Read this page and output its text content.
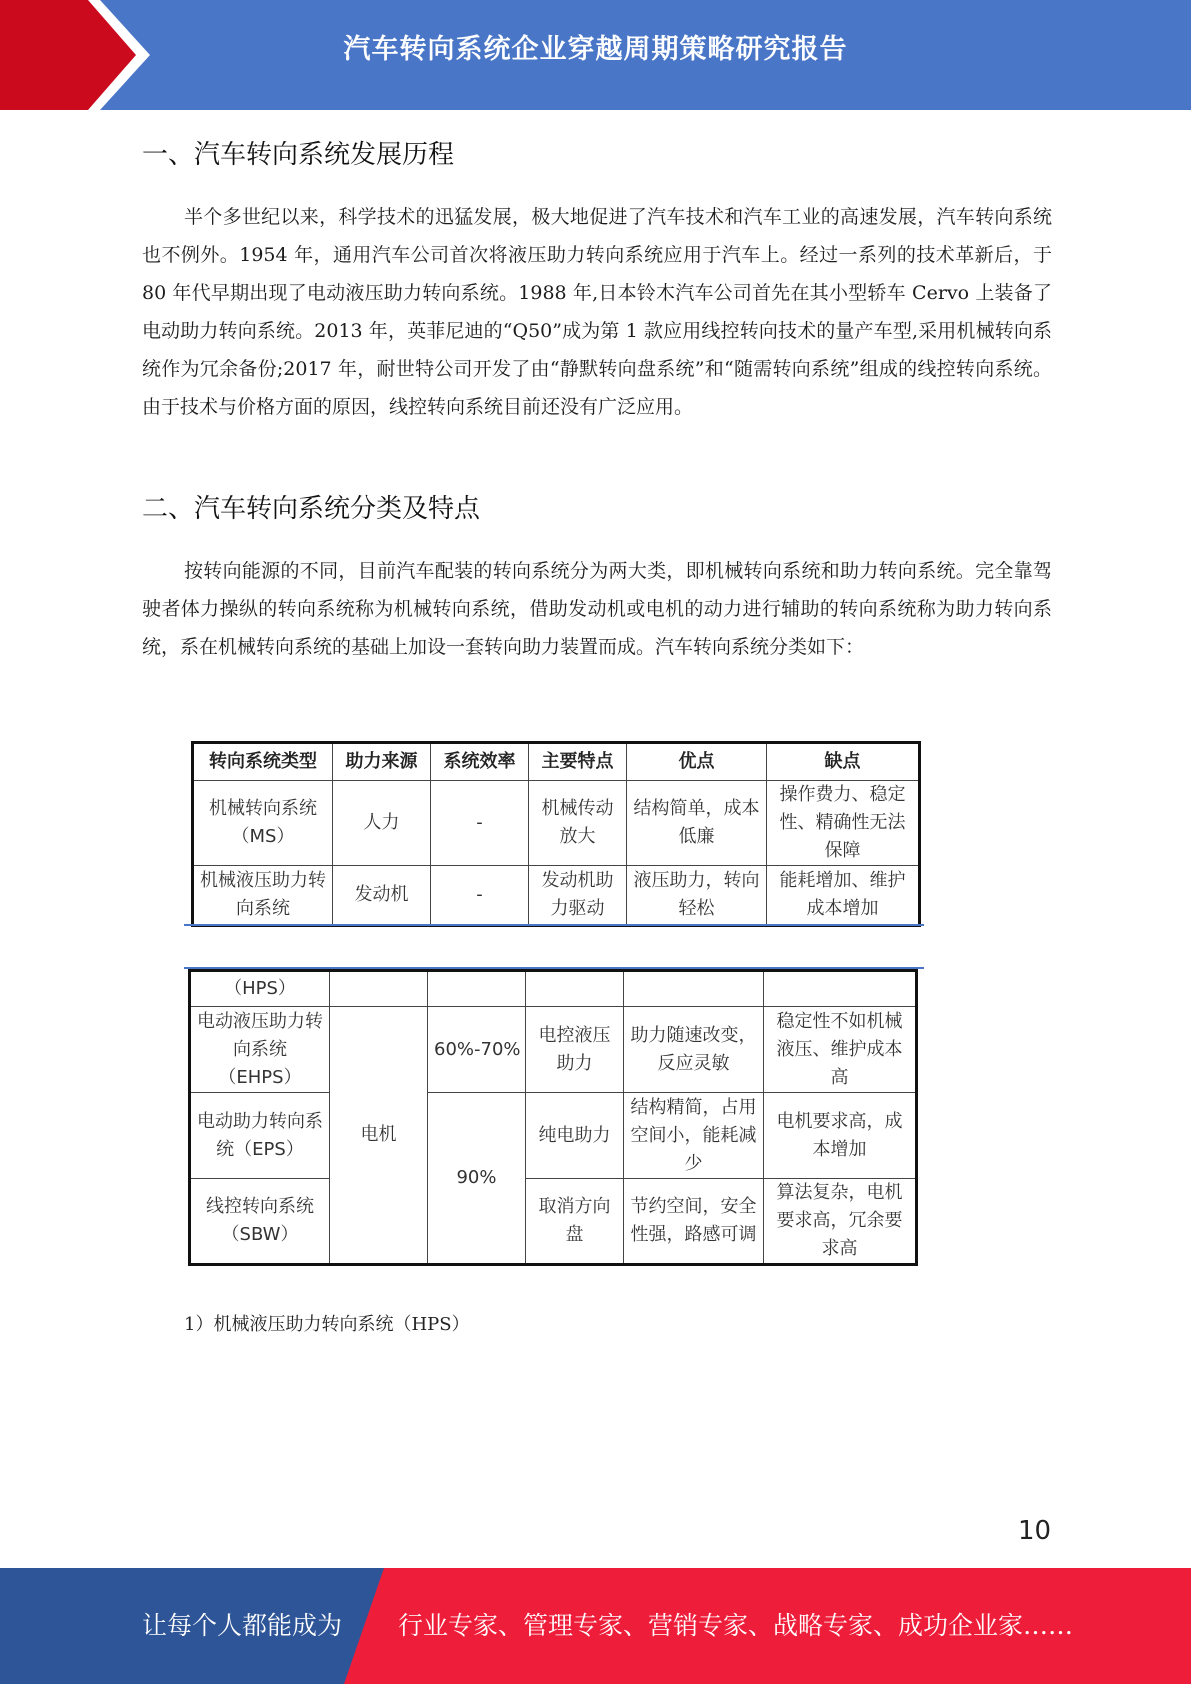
汽车转向系统企业穿越周期策略研究报告
一、汽车转向系统发展历程

半个多世纪以来，科学技术的迅猛发展，极大地促进了汽车技术和汽车工业的高速发展，汽车转向系统也不例外。1954 年，通用汽车公司首次将液压助力转向系统应用于汽车上。经过一系列的技术革新后，于 80 年代早期出现了电动液压助力转向系统。1988 年,日本铃木汽车公司首先在其小型轿车 Cervo 上装备了电动助力转向系统。2013 年，英菲尼迪的“Q50”成为第 1 款应用线控转向技术的量产车型,采用机械转向系统作为冗余备份;2017 年，耐世特公司开发了由“静默转向盘系统”和“随需转向系统”组成的线控转向系统。由于技术与价格方面的原因，线控转向系统目前还没有广泛应用。

二、汽车转向系统分类及特点

按转向能源的不同，目前汽车配装的转向系统分为两大类，即机械转向系统和助力转向系统。完全靠驾驶者体力操纵的转向系统称为机械转向系统，借助发动机或电机的动力进行辅助的转向系统称为助力转向系统，系在机械转向系统的基础上加设一套转向助力装置而成。汽车转向系统分类如下：

转向系统类型	助力来源	系统效率	主要特点	优点	缺点
机械转向系统（MS）	人力	-	机械传动放大	结构简单，成本低廉	操作费力、稳定性、精确性无法保障
机械液压助力转向系统	发动机	-	发动机助力驱动	液压助力，转向轻松	能耗增加、维护成本增加
（HPS）					
电动液压助力转向系统（EHPS）	电机	60%-70%	电控液压助力	助力随速改变，反应灵敏	稳定性不如机械液压、维护成本高
电动助力转向系统（EPS）		90%	纯电助力	结构精简，占用空间小，能耗减少	电机要求高，成本增加
线控转向系统（SBW）			取消方向盘	节约空间，安全性强，路感可调	算法复杂，电机要求高，冗余要求高

1）机械液压助力转向系统（HPS）

10
让每个人都能成为 行业专家、管理专家、营销专家、战略专家、成功企业家……
